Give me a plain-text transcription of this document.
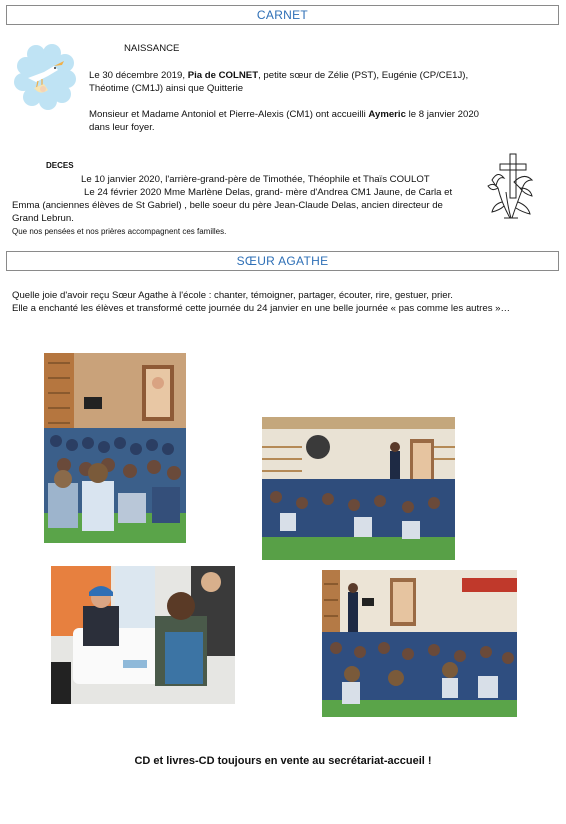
CARNET

NAISSANCE

Le 30 décembre 2019, Pia de COLNET, petite sœur de Zélie (PST), Eugénie (CP/CE1J),
Théotime (CM1J) ainsi que Quitterie

Monsieur et Madame Antoniol et Pierre-Alexis (CM1) ont accueilli Aymeric le 8 janvier 2020
dans leur foyer.

DECES

Le 10 janvier 2020, l'arrière-grand-père de Timothée, Théophile et Thaïs COULOT

Le 24 février 2020 Mme Marlène Delas, grand- mère d'Andrea CM1 Jaune, de Carla et

Emma (anciennes élèves de St Gabriel) , belle soeur du père Jean-Claude Delas, ancien directeur de

Grand Lebrun.

Que nos pensées et nos prières accompagnent ces familles.

SŒUR AGATHE

Quelle joie d'avoir reçu Sœur Agathe à l'école : chanter, témoigner, partager, écouter, rire, gestuer, prier.

Elle a enchanté les élèves et transformé cette journée du 24 janvier en une belle journée « pas comme les autres »…

CD et livres-CD toujours en vente au secrétariat-accueil !
